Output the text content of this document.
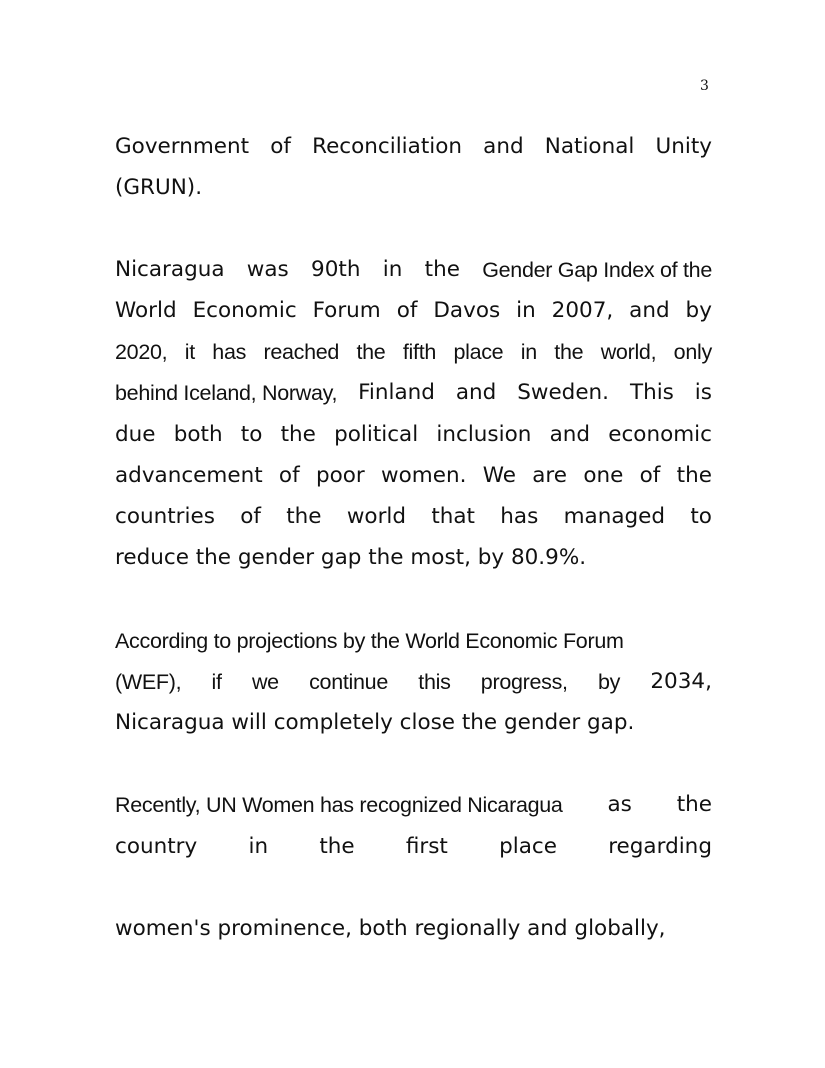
3

Government of Reconciliation and National Unity

(GRUN).

Nicaragua was 90th in the Gender Gap Index of the

World Economic Forum of Davos in 2007, and by

2020, it has reached the fifth place in the world, only

behind Iceland, Norway, Finland and Sweden. This is

due both to the political inclusion and economic

advancement of poor women. We are one of the

countries of the world that has managed to

reduce the gender gap the most, by 80.9%.

According to projections by the World Economic Forum

(WEF), if we continue this progress, by 2034,

Nicaragua will completely close the gender gap.

Recently, UN Women has recognized Nicaragua as the

country in the first place regarding

women's prominence, both regionally and globally,
